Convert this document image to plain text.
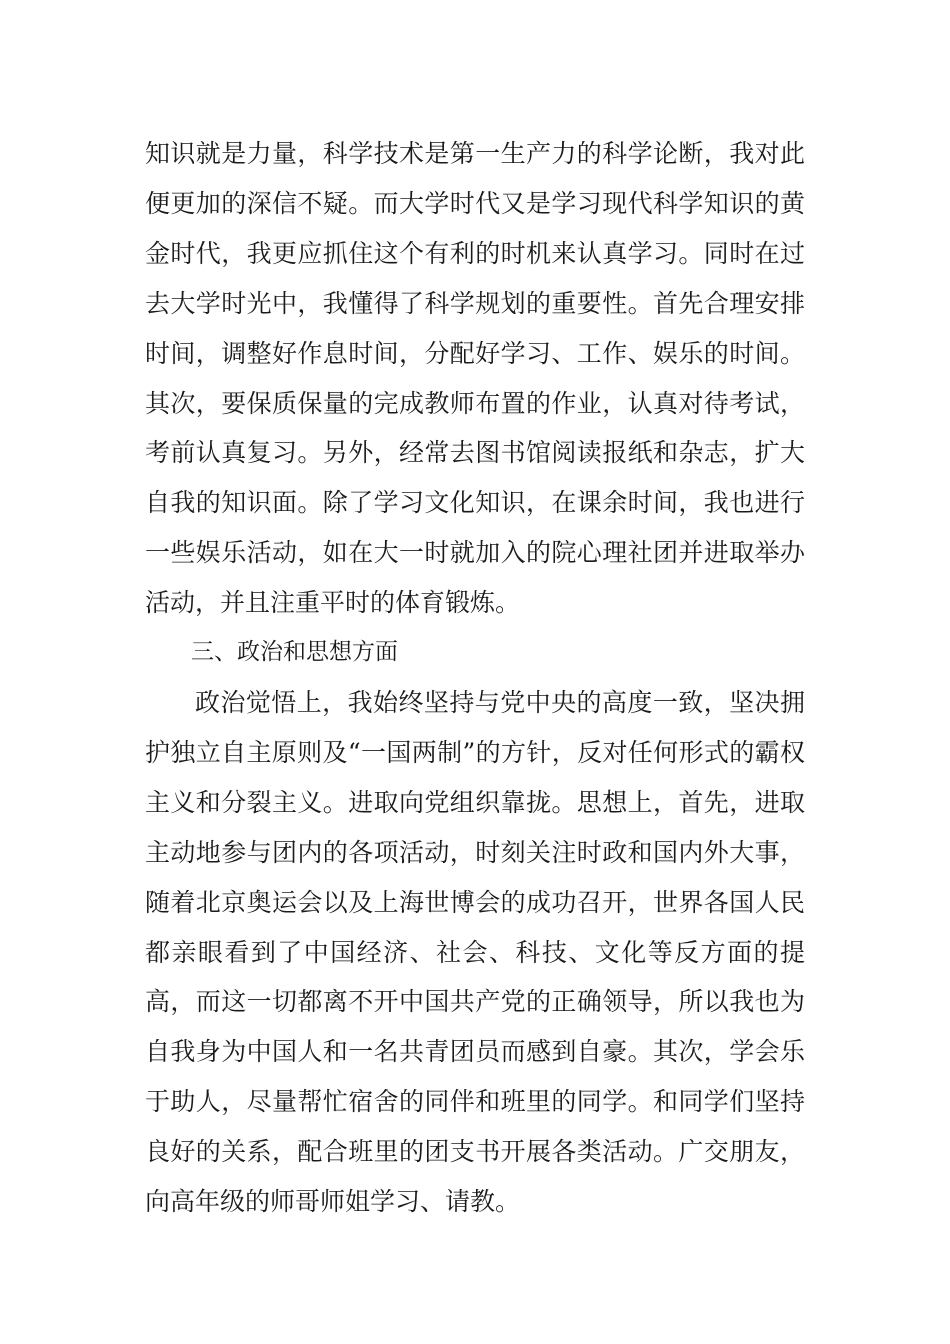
知识就是力量，科学技术是第一生产力的科学论断，我对此便更加的深信不疑。而大学时代又是学习现代科学知识的黄金时代，我更应抓住这个有利的时机来认真学习。同时在过去大学时光中，我懂得了科学规划的重要性。首先合理安排时间，调整好作息时间，分配好学习、工作、娱乐的时间。其次，要保质保量的完成教师布置的作业，认真对待考试，考前认真复习。另外，经常去图书馆阅读报纸和杂志，扩大自我的知识面。除了学习文化知识，在课余时间，我也进行一些娱乐活动，如在大一时就加入的院心理社团并进取举办活动，并且注重平时的体育锻炼。

三、政治和思想方面

政治觉悟上，我始终坚持与党中央的高度一致，坚决拥护独立自主原则及“一国两制”的方针，反对任何形式的霸权主义和分裂主义。进取向党组织靠拢。思想上，首先，进取主动地参与团内的各项活动，时刻关注时政和国内外大事，随着北京奥运会以及上海世博会的成功召开，世界各国人民都亲眼看到了中国经济、社会、科技、文化等反方面的提高，而这一切都离不开中国共产党的正确领导，所以我也为自我身为中国人和一名共青团员而感到自豪。其次，学会乐于助人，尽量帮忙宿舍的同伴和班里的同学。和同学们坚持良好的关系，配合班里的团支书开展各类活动。广交朋友，向高年级的师哥师姐学习、请教。
